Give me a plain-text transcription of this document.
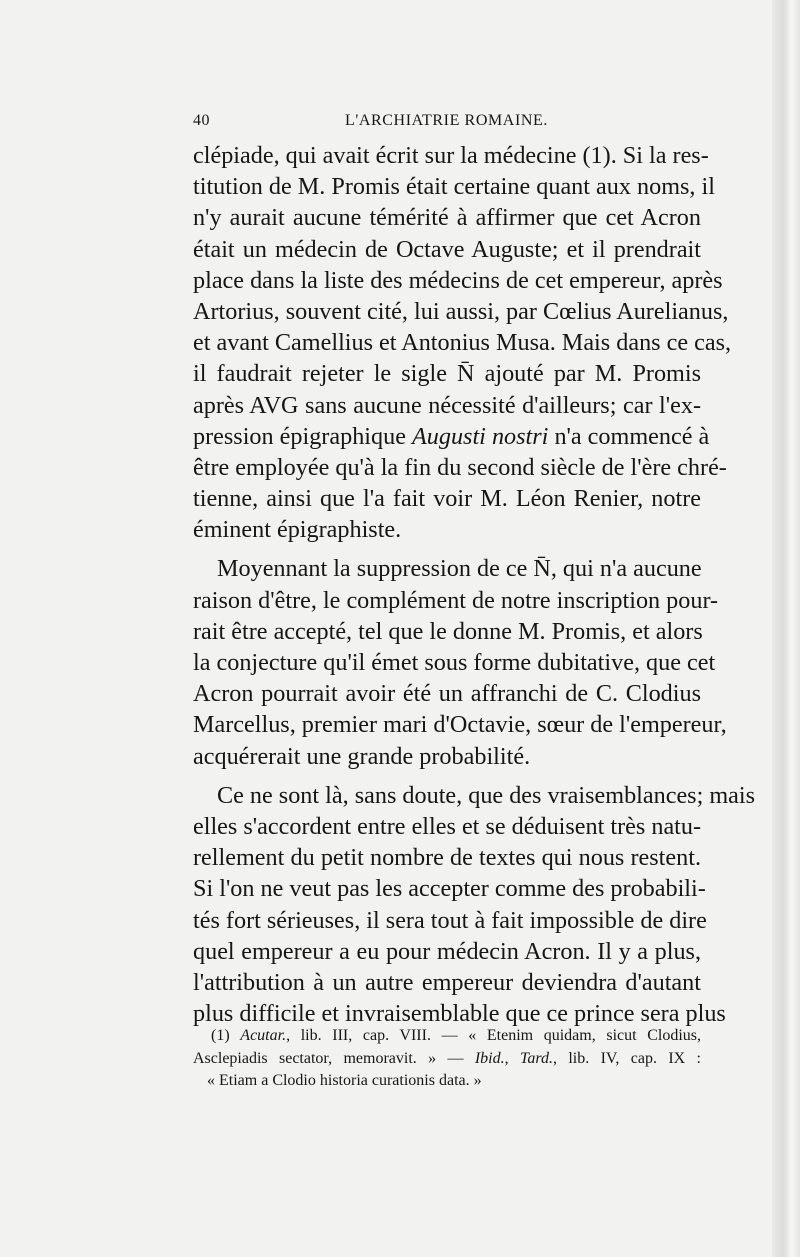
40	L'ARCHIATRIE ROMAINE.
clépiade, qui avait écrit sur la médecine (1). Si la res-
titution de M. Promis était certaine quant aux noms, il
n'y aurait aucune témérité à affirmer que cet Acron
était un médecin de Octave Auguste; et il prendrait
place dans la liste des médecins de cet empereur, après
Artorius, souvent cité, lui aussi, par Cœlius Aurelianus,
et avant Camellius et Antonius Musa. Mais dans ce cas,
il faudrait rejeter le sigle N̄ ajouté par M. Promis
après AVG sans aucune nécessité d'ailleurs; car l'ex-
pression épigraphique Augusti nostri n'a commencé à
être employée qu'à la fin du second siècle de l'ère chré-
tienne, ainsi que l'a fait voir M. Léon Renier, notre
éminent épigraphiste.
Moyennant la suppression de ce N̄, qui n'a aucune
raison d'être, le complément de notre inscription pour-
rait être accepté, tel que le donne M. Promis, et alors
la conjecture qu'il émet sous forme dubitative, que cet
Acron pourrait avoir été un affranchi de C. Clodius
Marcellus, premier mari d'Octavie, sœur de l'empereur,
acquérerait une grande probabilité.
Ce ne sont là, sans doute, que des vraisemblances; mais
elles s'accordent entre elles et se déduisent très natu-
rellement du petit nombre de textes qui nous restent.
Si l'on ne veut pas les accepter comme des probabili-
tés fort sérieuses, il sera tout à fait impossible de dire
quel empereur a eu pour médecin Acron. Il y a plus,
l'attribution à un autre empereur deviendra d'autant
plus difficile et invraisemblable que ce prince sera plus
(1) Acutar., lib. III, cap. VIII. — « Etenim quidam, sicut Clodius,
Asclepiadis sectator, memoravit. » — Ibid., Tard., lib. IV, cap. IX :
« Etiam a Clodio historia curationis data. »
